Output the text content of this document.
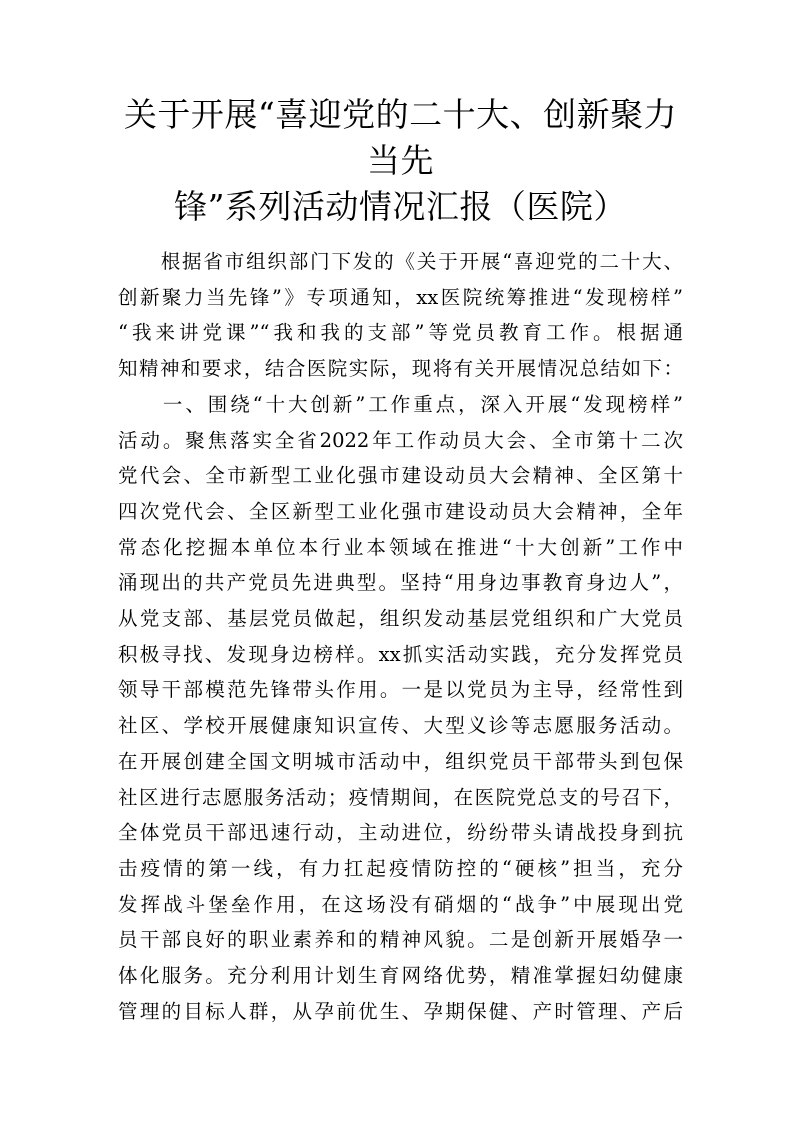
关于开展“喜迎党的二十大、创新聚力当先
锋”系列活动情况汇报（医院）

　　根据省市组织部门下发的《关于开展“喜迎党的二十大、
创新聚力当先锋”》专项通知，xx医院统筹推进“发现榜样”
“我来讲党课”“我和我的支部”等党员教育工作。根据通
知精神和要求，结合医院实际，现将有关开展情况总结如下：

　　一、围绕“十大创新”工作重点，深入开展“发现榜样”
活动。聚焦落实全省2022年工作动员大会、全市第十二次
党代会、全市新型工业化强市建设动员大会精神、全区第十
四次党代会、全区新型工业化强市建设动员大会精神，全年
常态化挖掘本单位本行业本领域在推进“十大创新”工作中
涌现出的共产党员先进典型。坚持“用身边事教育身边人”，
从党支部、基层党员做起，组织发动基层党组织和广大党员
积极寻找、发现身边榜样。xx抓实活动实践，充分发挥党员
领导干部模范先锋带头作用。一是以党员为主导，经常性到
社区、学校开展健康知识宣传、大型义诊等志愿服务活动。
在开展创建全国文明城市活动中，组织党员干部带头到包保
社区进行志愿服务活动；疫情期间，在医院党总支的号召下，
全体党员干部迅速行动，主动进位，纷纷带头请战投身到抗
击疫情的第一线，有力扛起疫情防控的“硬核”担当，充分
发挥战斗堡垒作用，在这场没有硝烟的“战争”中展现出党
员干部良好的职业素养和的精神风貌。二是创新开展婚孕一
体化服务。充分利用计划生育网络优势，精准掌握妇幼健康
管理的目标人群，从孕前优生、孕期保健、产时管理、产后
